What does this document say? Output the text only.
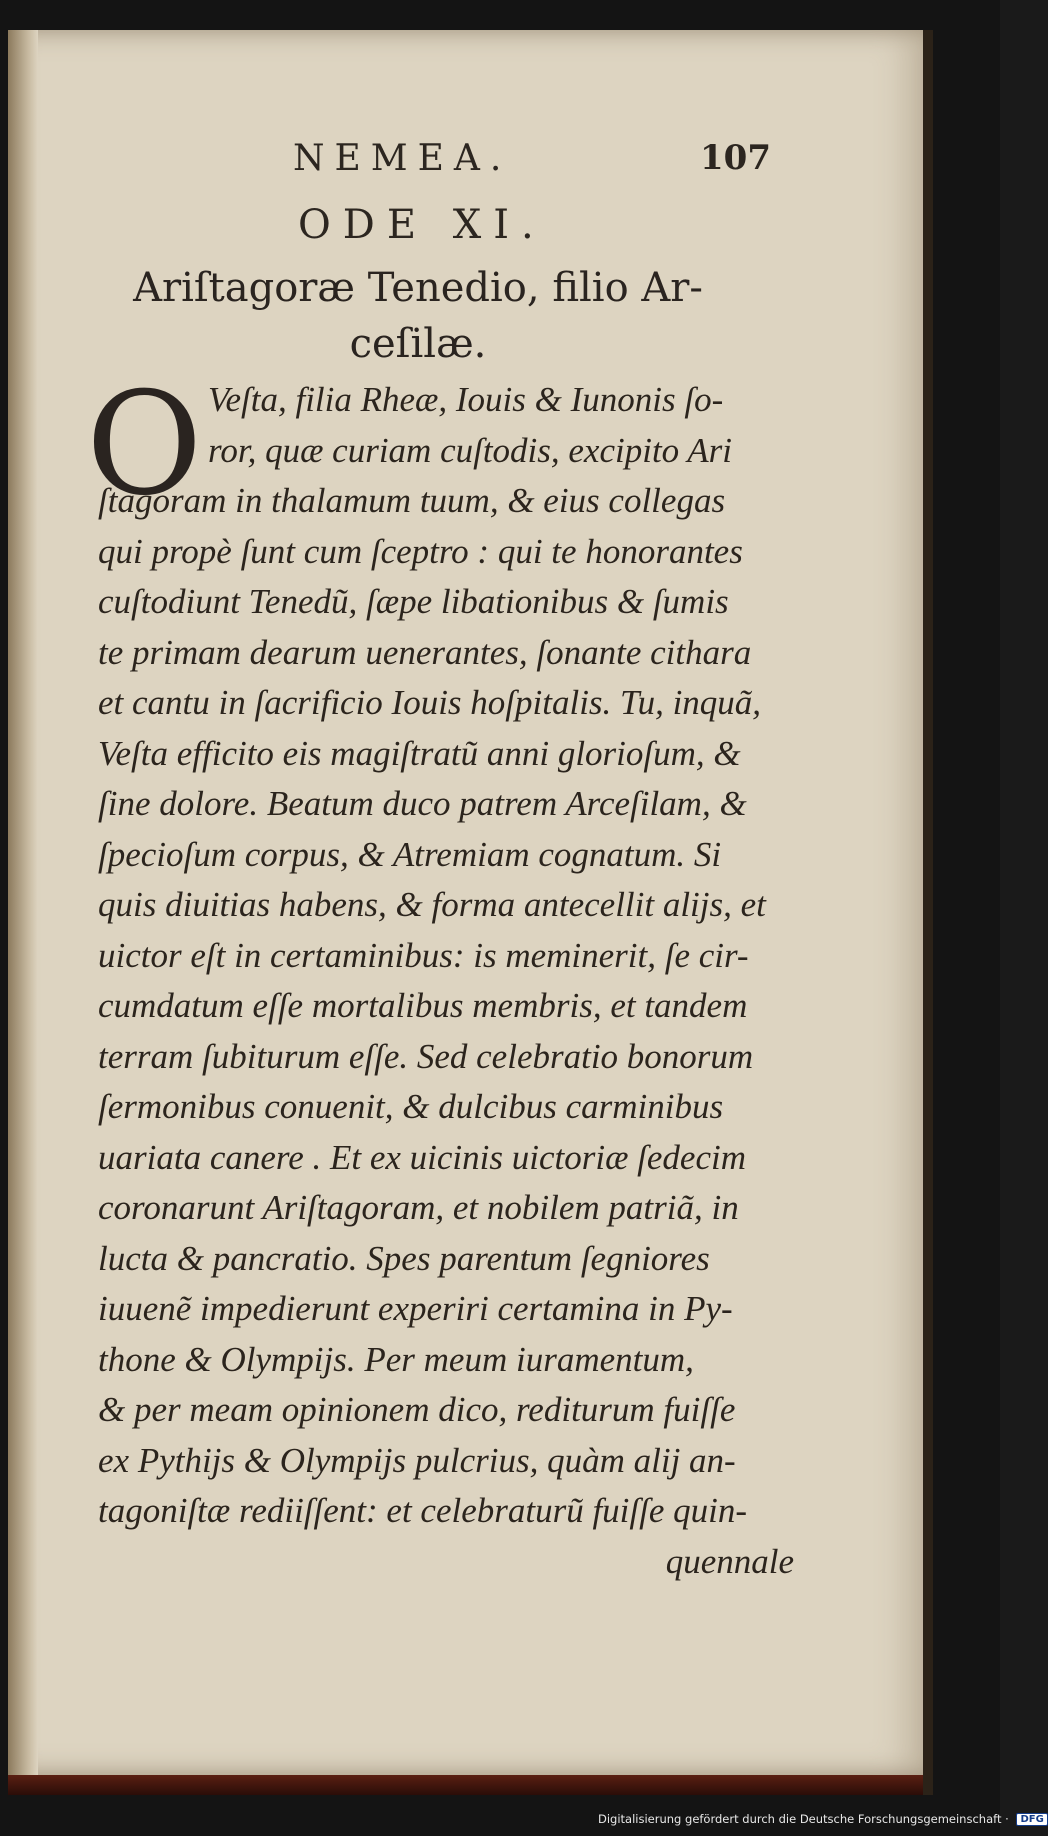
NEMEA.	107
ODE XI.
Ariſtagoræ Tenedio, filio Ar-
ceſilæ.
O Veſta, filia Rheæ, Iouis & Iunonis ſo-
ror, quæ curiam cuſtodis, excipito Ari
ſtagoram in thalamum tuum, & eius collegas
qui propè ſunt cum ſceptro : qui te honorantes
cuſtodiunt Tenedũ, ſæpe libationibus & ſumis
te primam dearum uenerantes, ſonante cithara
et cantu in ſacrificio Iouis hoſpitalis. Tu, inquã,
Veſta efficito eis magiſtratũ anni glorioſum, &
ſine dolore. Beatum duco patrem Arceſilam, &
ſpecioſum corpus, & Atremiam cognatum. Si
quis diuitias habens, & forma antecellit alijs, et
uictor eſt in certaminibus: is meminerit, ſe cir-
cumdatum eſſe mortalibus membris, et tandem
terram ſubiturum eſſe. Sed celebratio bonorum
ſermonibus conuenit, & dulcibus carminibus
uariata canere . Et ex uicinis uictoriæ ſedecim
coronarunt Ariſtagoram, et nobilem patriã, in
lucta & pancratio. Spes parentum ſegniores
iuuenẽ impedierunt experiri certamina in Py-
thone & Olympijs. Per meum iuramentum,
& per meam opinionem dico, rediturum fuiſſe
ex Pythijs & Olympijs pulcrius, quàm alij an-
tagoniſtæ rediiſſent: et celebraturũ fuiſſe quin-
quennale
Digitalisierung gefördert durch die Deutsche Forschungsgemeinschaft · DFG
